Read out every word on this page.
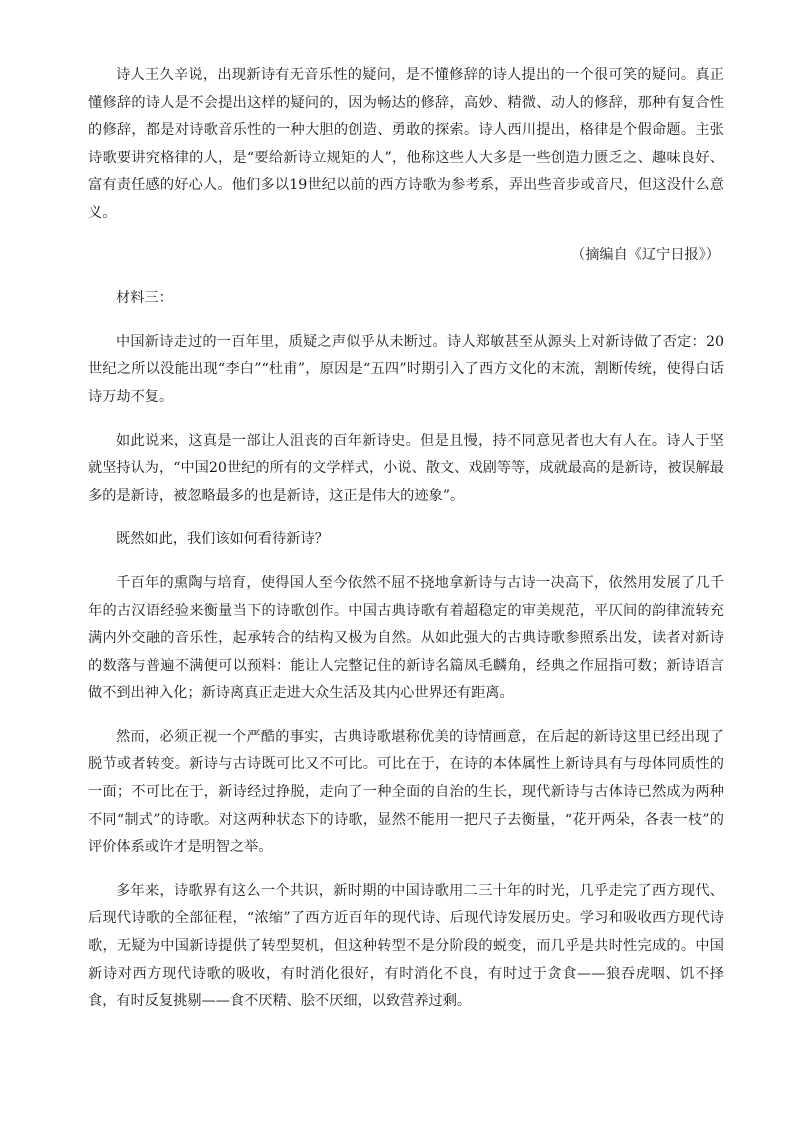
诗人王久辛说，出现新诗有无音乐性的疑问，是不懂修辞的诗人提出的一个很可笑的疑问。真正懂修辞的诗人是不会提出这样的疑问的，因为畅达的修辞，高妙、精微、动人的修辞，那种有复合性的修辞，都是对诗歌音乐性的一种大胆的创造、勇敢的探索。诗人西川提出，格律是个假命题。主张诗歌要讲究格律的人，是“要给新诗立规矩的人”，他称这些人大多是一些创造力匮乏之、趣味良好、富有责任感的好心人。他们多以19世纪以前的西方诗歌为参考系，弄出些音步或音尺，但这没什么意义。

（摘编自《辽宁日报》）

材料三：

中国新诗走过的一百年里，质疑之声似乎从未断过。诗人郑敏甚至从源头上对新诗做了否定：20世纪之所以没能出现“李白”“杜甫”，原因是“五四”时期引入了西方文化的末流，割断传统，使得白话诗万劫不复。

如此说来，这真是一部让人沮丧的百年新诗史。但是且慢，持不同意见者也大有人在。诗人于坚就坚持认为，“中国20世纪的所有的文学样式，小说、散文、戏剧等等，成就最高的是新诗，被误解最多的是新诗，被忽略最多的也是新诗，这正是伟大的迹象”。

既然如此，我们该如何看待新诗？

千百年的熏陶与培育，使得国人至今依然不屈不挠地拿新诗与古诗一决高下，依然用发展了几千年的古汉语经验来衡量当下的诗歌创作。中国古典诗歌有着超稳定的审美规范，平仄间的韵律流转充满内外交融的音乐性，起承转合的结构又极为自然。从如此强大的古典诗歌参照系出发，读者对新诗的数落与普遍不满便可以预料：能让人完整记住的新诗名篇凤毛麟角，经典之作屈指可数；新诗语言做不到出神入化；新诗离真正走进大众生活及其内心世界还有距离。

然而，必须正视一个严酷的事实，古典诗歌堪称优美的诗情画意，在后起的新诗这里已经出现了脱节或者转变。新诗与古诗既可比又不可比。可比在于，在诗的本体属性上新诗具有与母体同质性的一面；不可比在于，新诗经过挣脱，走向了一种全面的自治的生长，现代新诗与古体诗已然成为两种不同“制式”的诗歌。对这两种状态下的诗歌，显然不能用一把尺子去衡量，“花开两朵，各表一枝”的评价体系或许才是明智之举。

多年来，诗歌界有这么一个共识，新时期的中国诗歌用二三十年的时光，几乎走完了西方现代、后现代诗歌的全部征程，“浓缩”了西方近百年的现代诗、后现代诗发展历史。学习和吸收西方现代诗歌，无疑为中国新诗提供了转型契机，但这种转型不是分阶段的蜕变，而几乎是共时性完成的。中国新诗对西方现代诗歌的吸收，有时消化很好，有时消化不良，有时过于贪食——狼吞虎咽、饥不择食，有时反复挑剔——食不厌精、脍不厌细，以致营养过剩。
